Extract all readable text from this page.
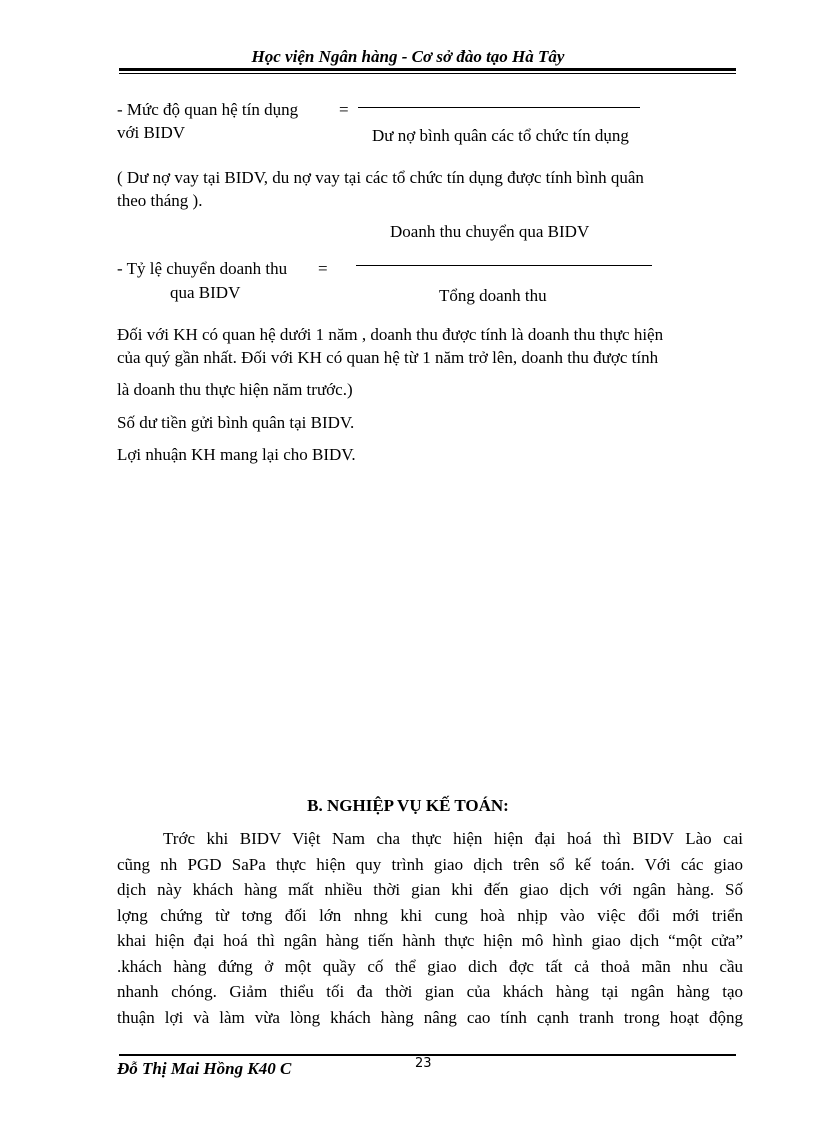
Học viện Ngân hàng - Cơ sở đào tạo Hà Tây
- Mức độ quan hệ tín dụng =
với BIDV	Dư nợ bình quân các tổ chức tín dụng
( Dư nợ vay tại BIDV, du nợ vay tại các tổ chức tín dụng được tính bình quân
theo tháng ).
Doanh thu chuyển qua BIDV
- Tỷ lệ chuyển doanh thu =
qua BIDV	Tổng doanh thu
Đối với KH có quan hệ dưới 1 năm , doanh thu được tính là doanh thu thực hiện
của quý gần nhất. Đối với KH có quan hệ từ 1 năm trở lên, doanh thu được tính
là doanh thu thực hiện năm trước.)
Số dư tiền gửi bình quân tại BIDV.
Lợi nhuận KH mang lại cho BIDV.
B. NGHIỆP VỤ KẾ TOÁN:
Trớc khi BIDV Việt Nam cha thực hiện hiện đại hoá thì BIDV Lào cai
cũng nh PGD SaPa thực hiện quy trình giao dịch trên sổ kế toán. Với các giao
dịch này khách hàng mất nhiều thời gian khi đến giao dịch với ngân hàng. Số
lợng chứng từ tơng đối lớn nhng khi cung hoà nhịp vào việc đổi mới triển
khai hiện đại hoá thì ngân hàng tiến hành thực hiện mô hình giao dịch “một cửa”
.khách hàng đứng ở một quầy cố thể giao dich đợc tất cả thoả mãn nhu cầu
nhanh chóng. Giảm thiểu tối đa thời gian của khách hàng tại ngân hàng tạo
thuận lợi và làm vừa lòng khách hàng nâng cao tính cạnh tranh trong hoạt động
Đỗ Thị Mai Hồng K40 C	23
